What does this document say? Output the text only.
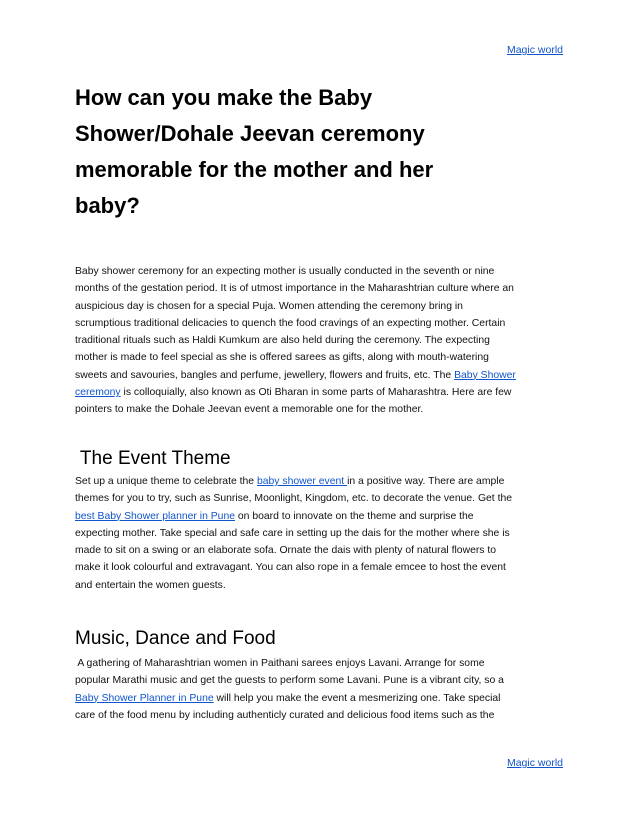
Magic world
How can you make the Baby
Shower/Dohale Jeevan ceremony
memorable for the mother and her
baby?

Baby shower ceremony for an expecting mother is usually conducted in the seventh or nine
months of the gestation period. It is of utmost importance in the Maharashtrian culture where an
auspicious day is chosen for a special Puja. Women attending the ceremony bring in
scrumptious traditional delicacies to quench the food cravings of an expecting mother. Certain
traditional rituals such as Haldi Kumkum are also held during the ceremony. The expecting
mother is made to feel special as she is offered sarees as gifts, along with mouth-watering
sweets and savouries, bangles and perfume, jewellery, flowers and fruits, etc. The Baby Shower
ceremony is colloquially, also known as Oti Bharan in some parts of Maharashtra. Here are few
pointers to make the Dohale Jeevan event a memorable one for the mother.

The Event Theme

Set up a unique theme to celebrate the baby shower event in a positive way. There are ample
themes for you to try, such as Sunrise, Moonlight, Kingdom, etc. to decorate the venue. Get the
best Baby Shower planner in Pune on board to innovate on the theme and surprise the
expecting mother. Take special and safe care in setting up the dais for the mother where she is
made to sit on a swing or an elaborate sofa. Ornate the dais with plenty of natural flowers to
make it look colourful and extravagant. You can also rope in a female emcee to host the event
and entertain the women guests.

Music, Dance and Food

A gathering of Maharashtrian women in Paithani sarees enjoys Lavani. Arrange for some
popular Marathi music and get the guests to perform some Lavani. Pune is a vibrant city, so a
Baby Shower Planner in Pune will help you make the event a mesmerizing one. Take special
care of the food menu by including authenticly curated and delicious food items such as the

Magic world
